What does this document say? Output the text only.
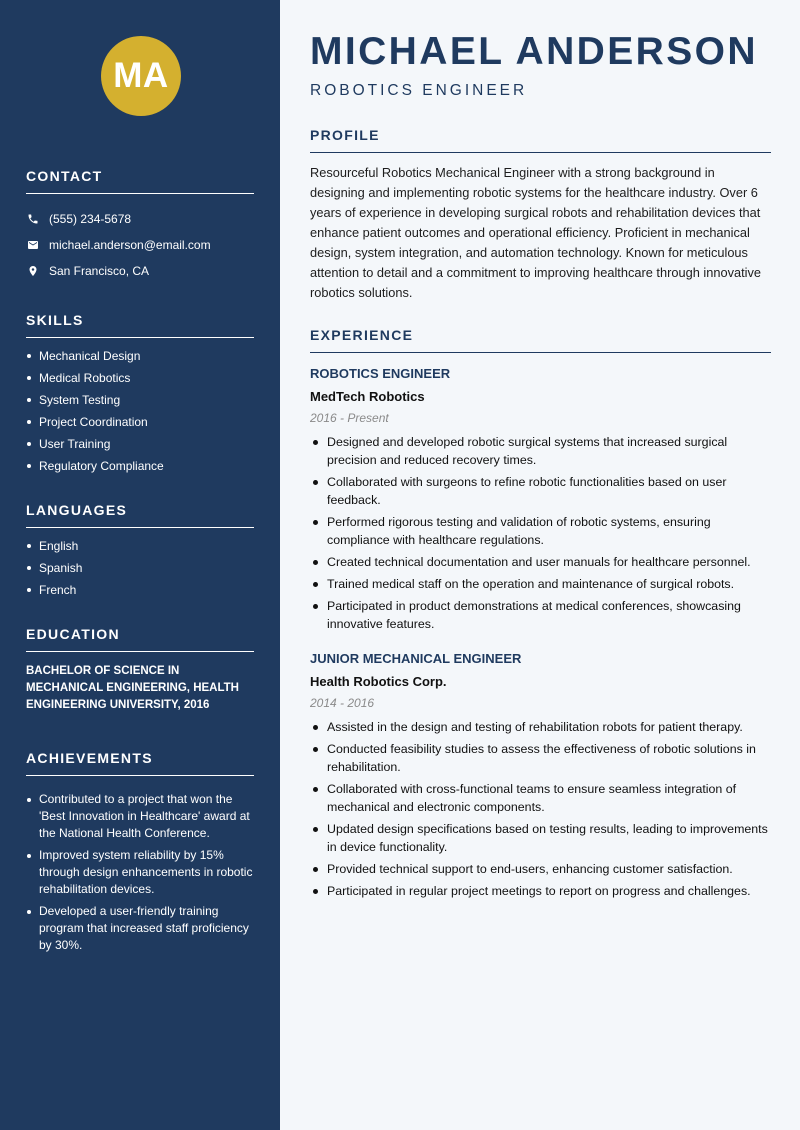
MA
CONTACT
(555) 234-5678
michael.anderson@email.com
San Francisco, CA
SKILLS
Mechanical Design
Medical Robotics
System Testing
Project Coordination
User Training
Regulatory Compliance
LANGUAGES
English
Spanish
French
EDUCATION
BACHELOR OF SCIENCE IN MECHANICAL ENGINEERING, HEALTH ENGINEERING UNIVERSITY, 2016
ACHIEVEMENTS
Contributed to a project that won the 'Best Innovation in Healthcare' award at the National Health Conference.
Improved system reliability by 15% through design enhancements in robotic rehabilitation devices.
Developed a user-friendly training program that increased staff proficiency by 30%.
MICHAEL ANDERSON
ROBOTICS ENGINEER
PROFILE

Resourceful Robotics Mechanical Engineer with a strong background in designing and implementing robotic systems for the healthcare industry. Over 6 years of experience in developing surgical robots and rehabilitation devices that enhance patient outcomes and operational efficiency. Proficient in mechanical design, system integration, and automation technology. Known for meticulous attention to detail and a commitment to improving healthcare through innovative robotics solutions.

EXPERIENCE
ROBOTICS ENGINEER
MedTech Robotics
2016 - Present
Designed and developed robotic surgical systems that increased surgical precision and reduced recovery times.
Collaborated with surgeons to refine robotic functionalities based on user feedback.
Performed rigorous testing and validation of robotic systems, ensuring compliance with healthcare regulations.
Created technical documentation and user manuals for healthcare personnel.
Trained medical staff on the operation and maintenance of surgical robots.
Participated in product demonstrations at medical conferences, showcasing innovative features.
JUNIOR MECHANICAL ENGINEER
Health Robotics Corp.
2014 - 2016
Assisted in the design and testing of rehabilitation robots for patient therapy.
Conducted feasibility studies to assess the effectiveness of robotic solutions in rehabilitation.
Collaborated with cross-functional teams to ensure seamless integration of mechanical and electronic components.
Updated design specifications based on testing results, leading to improvements in device functionality.
Provided technical support to end-users, enhancing customer satisfaction.
Participated in regular project meetings to report on progress and challenges.
